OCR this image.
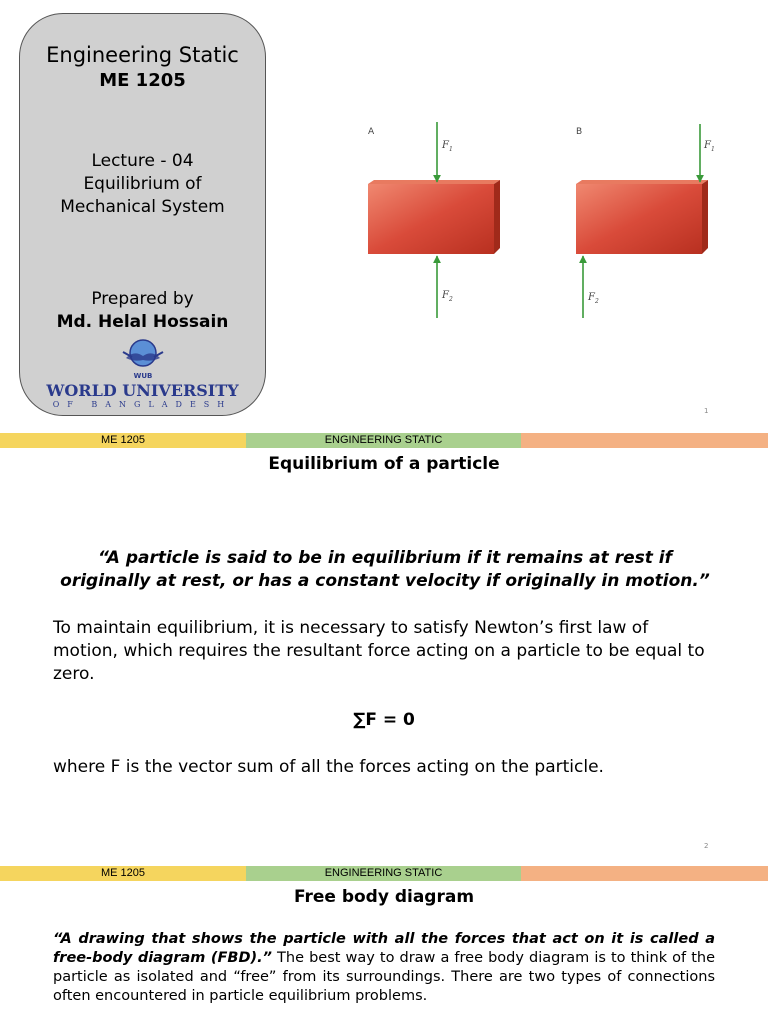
Engineering Static
ME 1205
Lecture - 04
Equilibrium of
Mechanical System
Prepared by
Md. Helal Hossain
WUB
WORLD UNIVERSITY
OF BANGLADESH
A
$F_1$
$F_2$
B
$F_1$
$F_2$
1
ME 1205	ENGINEERING STATIC
Equilibrium of a particle
“A particle is said to be in equilibrium if it remains at rest if originally at rest, or has a constant velocity if originally in motion.”
To maintain equilibrium, it is necessary to satisfy Newton’s first law of motion, which requires the resultant force acting on a particle to be equal to zero.
∑F = 0
where F is the vector sum of all the forces acting on the particle.
2
ME 1205	ENGINEERING STATIC
Free body diagram
“A drawing that shows the particle with all the forces that act on it is called a free-body diagram (FBD).” The best way to draw a free body diagram is to think of the particle as isolated and “free” from its surroundings. There are two types of connections often encountered in particle equilibrium problems.
